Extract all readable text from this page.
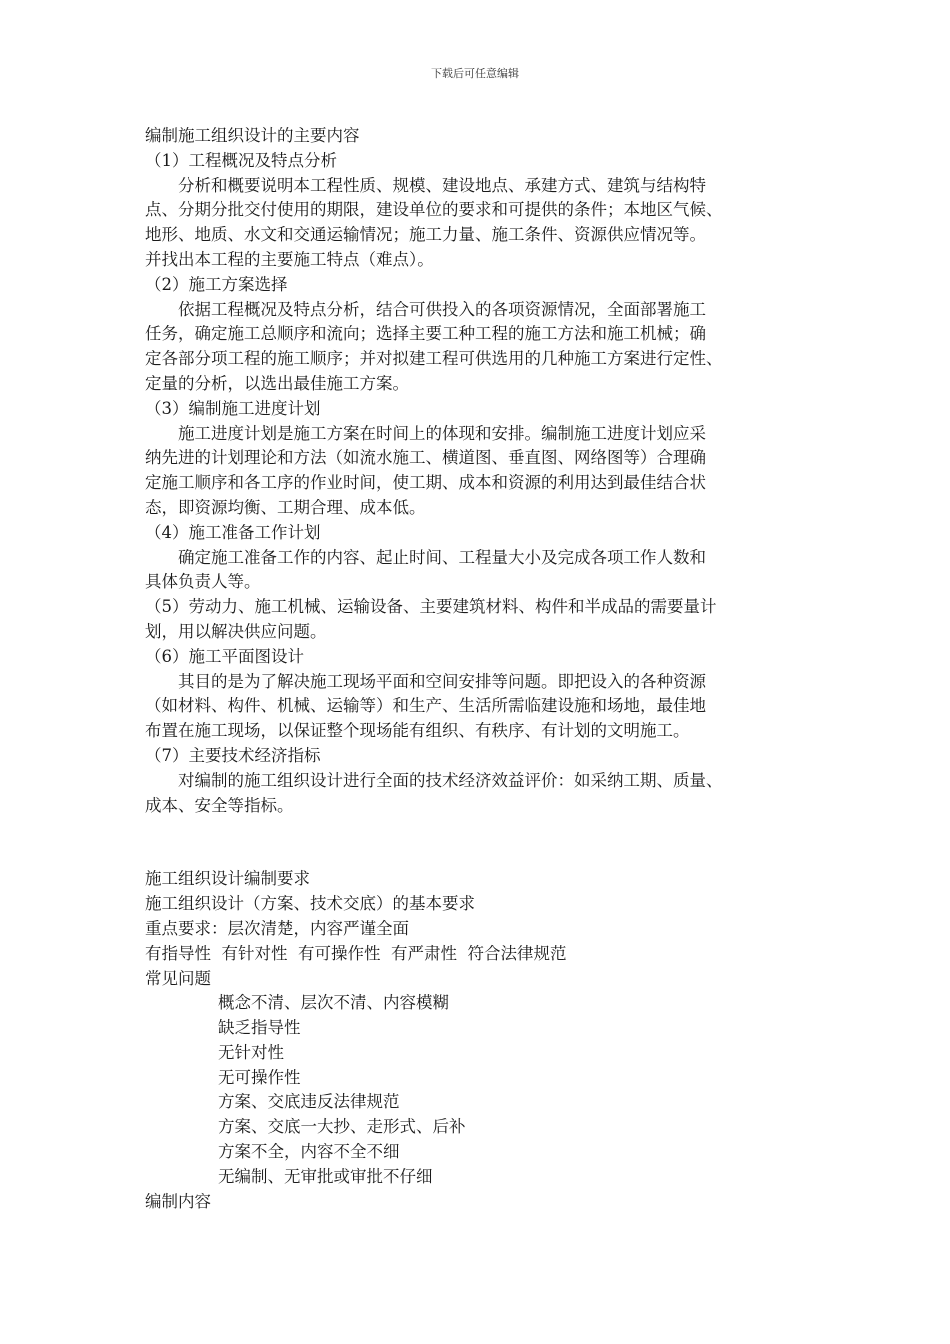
下载后可任意编辑
编制施工组织设计的主要内容
（1）工程概况及特点分析
分析和概要说明本工程性质、规模、建设地点、承建方式、建筑与结构特
点、分期分批交付使用的期限，建设单位的要求和可提供的条件；本地区气候、
地形、地质、水文和交通运输情况；施工力量、施工条件、资源供应情况等。
并找出本工程的主要施工特点（难点）。
（2）施工方案选择
依据工程概况及特点分析，结合可供投入的各项资源情况，全面部署施工
任务，确定施工总顺序和流向；选择主要工种工程的施工方法和施工机械；确
定各部分项工程的施工顺序；并对拟建工程可供选用的几种施工方案进行定性、
定量的分析，以选出最佳施工方案。
（3）编制施工进度计划
施工进度计划是施工方案在时间上的体现和安排。编制施工进度计划应采
纳先进的计划理论和方法（如流水施工、横道图、垂直图、网络图等）合理确
定施工顺序和各工序的作业时间，使工期、成本和资源的利用达到最佳结合状
态，即资源均衡、工期合理、成本低。
（4）施工准备工作计划
确定施工准备工作的内容、起止时间、工程量大小及完成各项工作人数和
具体负责人等。
（5）劳动力、施工机械、运输设备、主要建筑材料、构件和半成品的需要量计
划，用以解决供应问题。
（6）施工平面图设计
其目的是为了解决施工现场平面和空间安排等问题。即把设入的各种资源
（如材料、构件、机械、运输等）和生产、生活所需临建设施和场地，最佳地
布置在施工现场，以保证整个现场能有组织、有秩序、有计划的文明施工。
（7）主要技术经济指标
对编制的施工组织设计进行全面的技术经济效益评价：如采纳工期、质量、
成本、安全等指标。
施工组织设计编制要求
施工组织设计（方案、技术交底）的基本要求
重点要求：层次清楚，内容严谨全面
有指导性  有针对性  有可操作性  有严肃性  符合法律规范
常见问题
概念不清、层次不清、内容模糊
缺乏指导性
无针对性
无可操作性
方案、交底违反法律规范
方案、交底一大抄、走形式、后补
方案不全，内容不全不细
无编制、无审批或审批不仔细
编制内容
